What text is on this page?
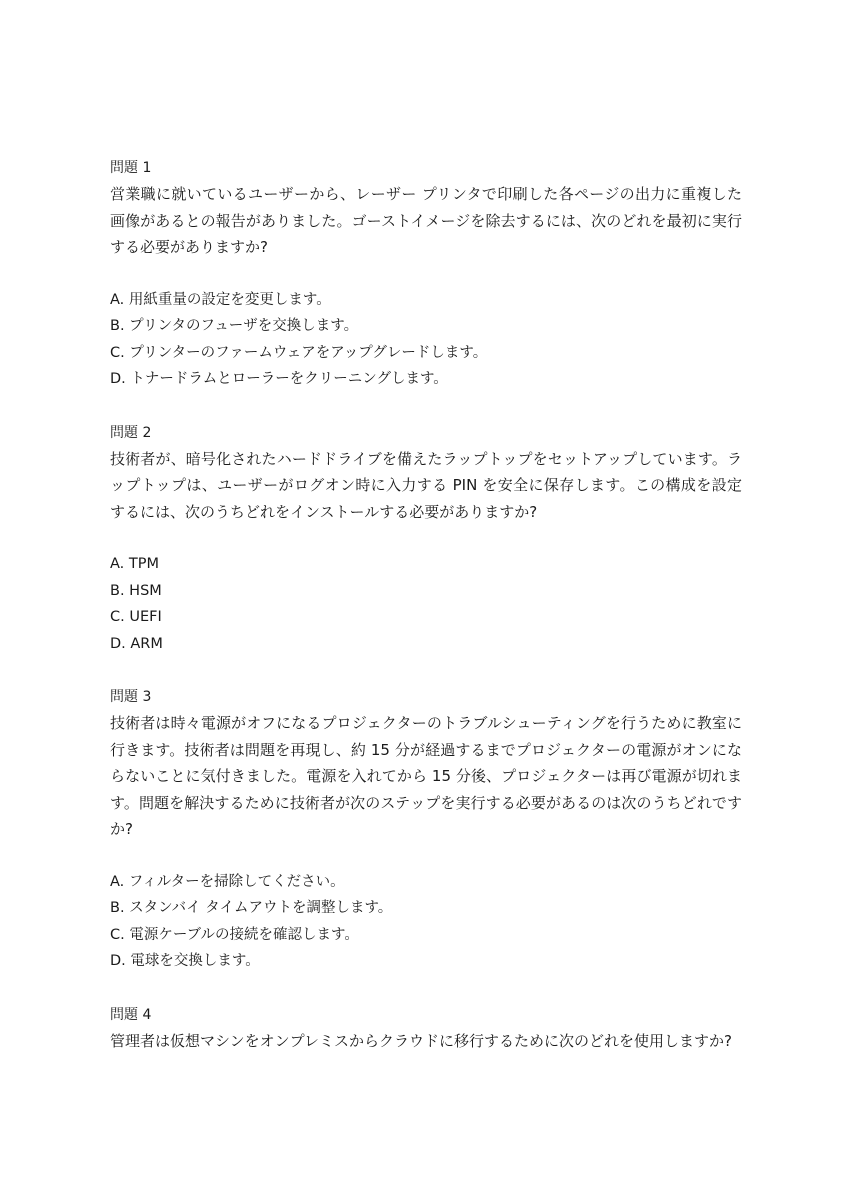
問題 1

営業職に就いているユーザーから、レーザー プリンタで印刷した各ページの出力に重複した画像があるとの報告がありました。ゴーストイメージを除去するには、次のどれを最初に実行する必要がありますか?

A. 用紙重量の設定を変更します。
B. プリンタのフューザを交換します。
C. プリンターのファームウェアをアップグレードします。
D. トナードラムとローラーをクリーニングします。

問題 2

技術者が、暗号化されたハードドライブを備えたラップトップをセットアップしています。ラップトップは、ユーザーがログオン時に入力する PIN を安全に保存します。この構成を設定するには、次のうちどれをインストールする必要がありますか?

A. TPM
B. HSM
C. UEFI
D. ARM

問題 3

技術者は時々電源がオフになるプロジェクターのトラブルシューティングを行うために教室に行きます。技術者は問題を再現し、約 15 分が経過するまでプロジェクターの電源がオンにならないことに気付きました。電源を入れてから 15 分後、プロジェクターは再び電源が切れます。問題を解決するために技術者が次のステップを実行する必要があるのは次のうちどれですか?

A. フィルターを掃除してください。
B. スタンバイ タイムアウトを調整します。
C. 電源ケーブルの接続を確認します。
D. 電球を交換します。

問題 4

管理者は仮想マシンをオンプレミスからクラウドに移行するために次のどれを使用しますか?
